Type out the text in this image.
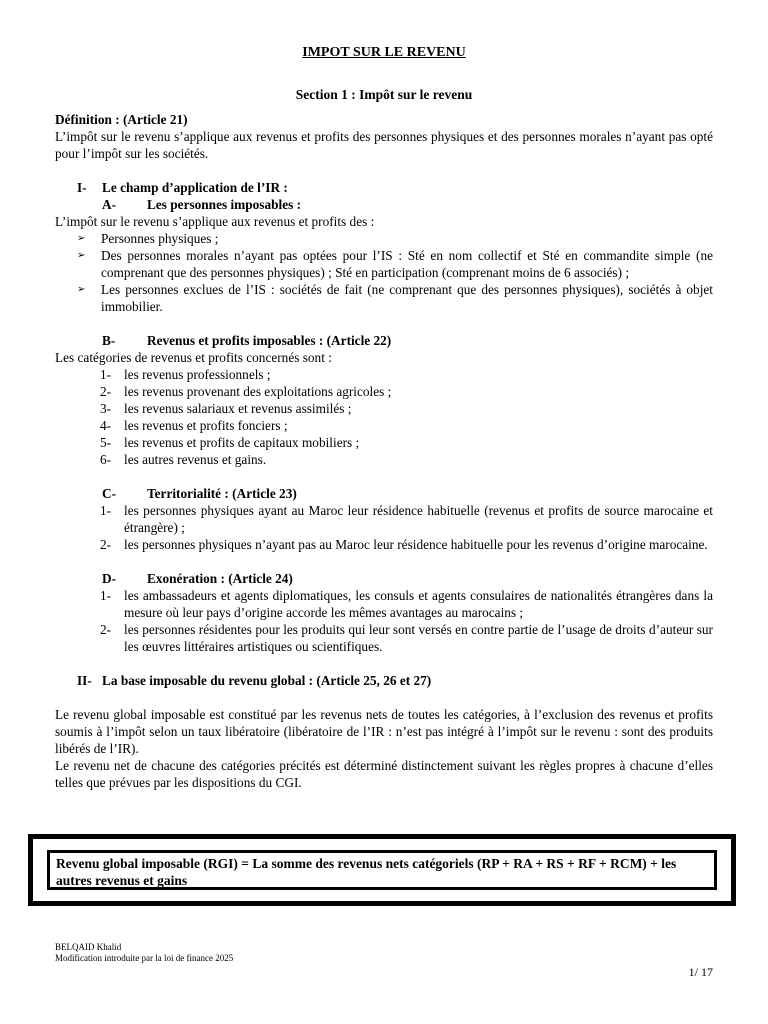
IMPOT SUR LE REVENU
Section 1 : Impôt sur le revenu
Définition : (Article 21)

L’impôt sur le revenu s’applique aux revenus et profits des personnes physiques et des personnes morales n’ayant pas opté pour l’impôt sur les sociétés.

I-	Le champ d’application de l’IR :
A-	Les personnes imposables :

L’impôt sur le revenu s’applique aux revenus et profits des :

➢	Personnes physiques ;
➢	Des personnes morales n’ayant pas optées pour l’IS : Sté en nom collectif et Sté en commandite simple (ne comprenant que des personnes physiques) ; Sté en participation (comprenant moins de 6 associés) ;
➢	Les personnes exclues de l’IS : sociétés de fait (ne comprenant que des personnes physiques), sociétés à objet immobilier.
B-	Revenus et profits imposables : (Article 22)

Les catégories de revenus et profits concernés sont :

1- les revenus professionnels ;
2- les revenus provenant des exploitations agricoles ;
3- les revenus salariaux et revenus assimilés ;
4- les revenus et profits fonciers ;
5- les revenus et profits de capitaux mobiliers ;
6- les autres revenus et gains.
C-	Territorialité : (Article 23)
1- les personnes physiques ayant au Maroc leur résidence habituelle (revenus et profits de source marocaine et étrangère) ;
2- les personnes physiques n’ayant pas au Maroc leur résidence habituelle pour les revenus d’origine marocaine.
D-	Exonération : (Article 24)
1- les ambassadeurs et agents diplomatiques, les consuls et agents consulaires de nationalités étrangères dans la mesure où leur pays d’origine accorde les mêmes avantages au marocains ;
2- les personnes résidentes pour les produits qui leur sont versés en contre partie de l’usage de droits d’auteur sur les œuvres littéraires artistiques ou scientifiques.
II- La base imposable du revenu global : (Article 25, 26 et 27)

Le revenu global imposable est constitué par les revenus nets de toutes les catégories, à l’exclusion des revenus et profits soumis à l’impôt selon un taux libératoire (libératoire de l’IR : n’est pas intégré à l’impôt sur le revenu : sont des produits libérés de l’IR).

Le revenu net de chacune des catégories précités est déterminé distinctement suivant les règles propres à chacune d’elles telles que prévues par les dispositions du CGI.

Revenu global imposable (RGI) = La somme des revenus nets catégoriels (RP + RA + RS + RF + RCM) + les autres revenus et gains
BELQAID Khalid
Modification introduite par la loi de finance 2025
1/ 17
